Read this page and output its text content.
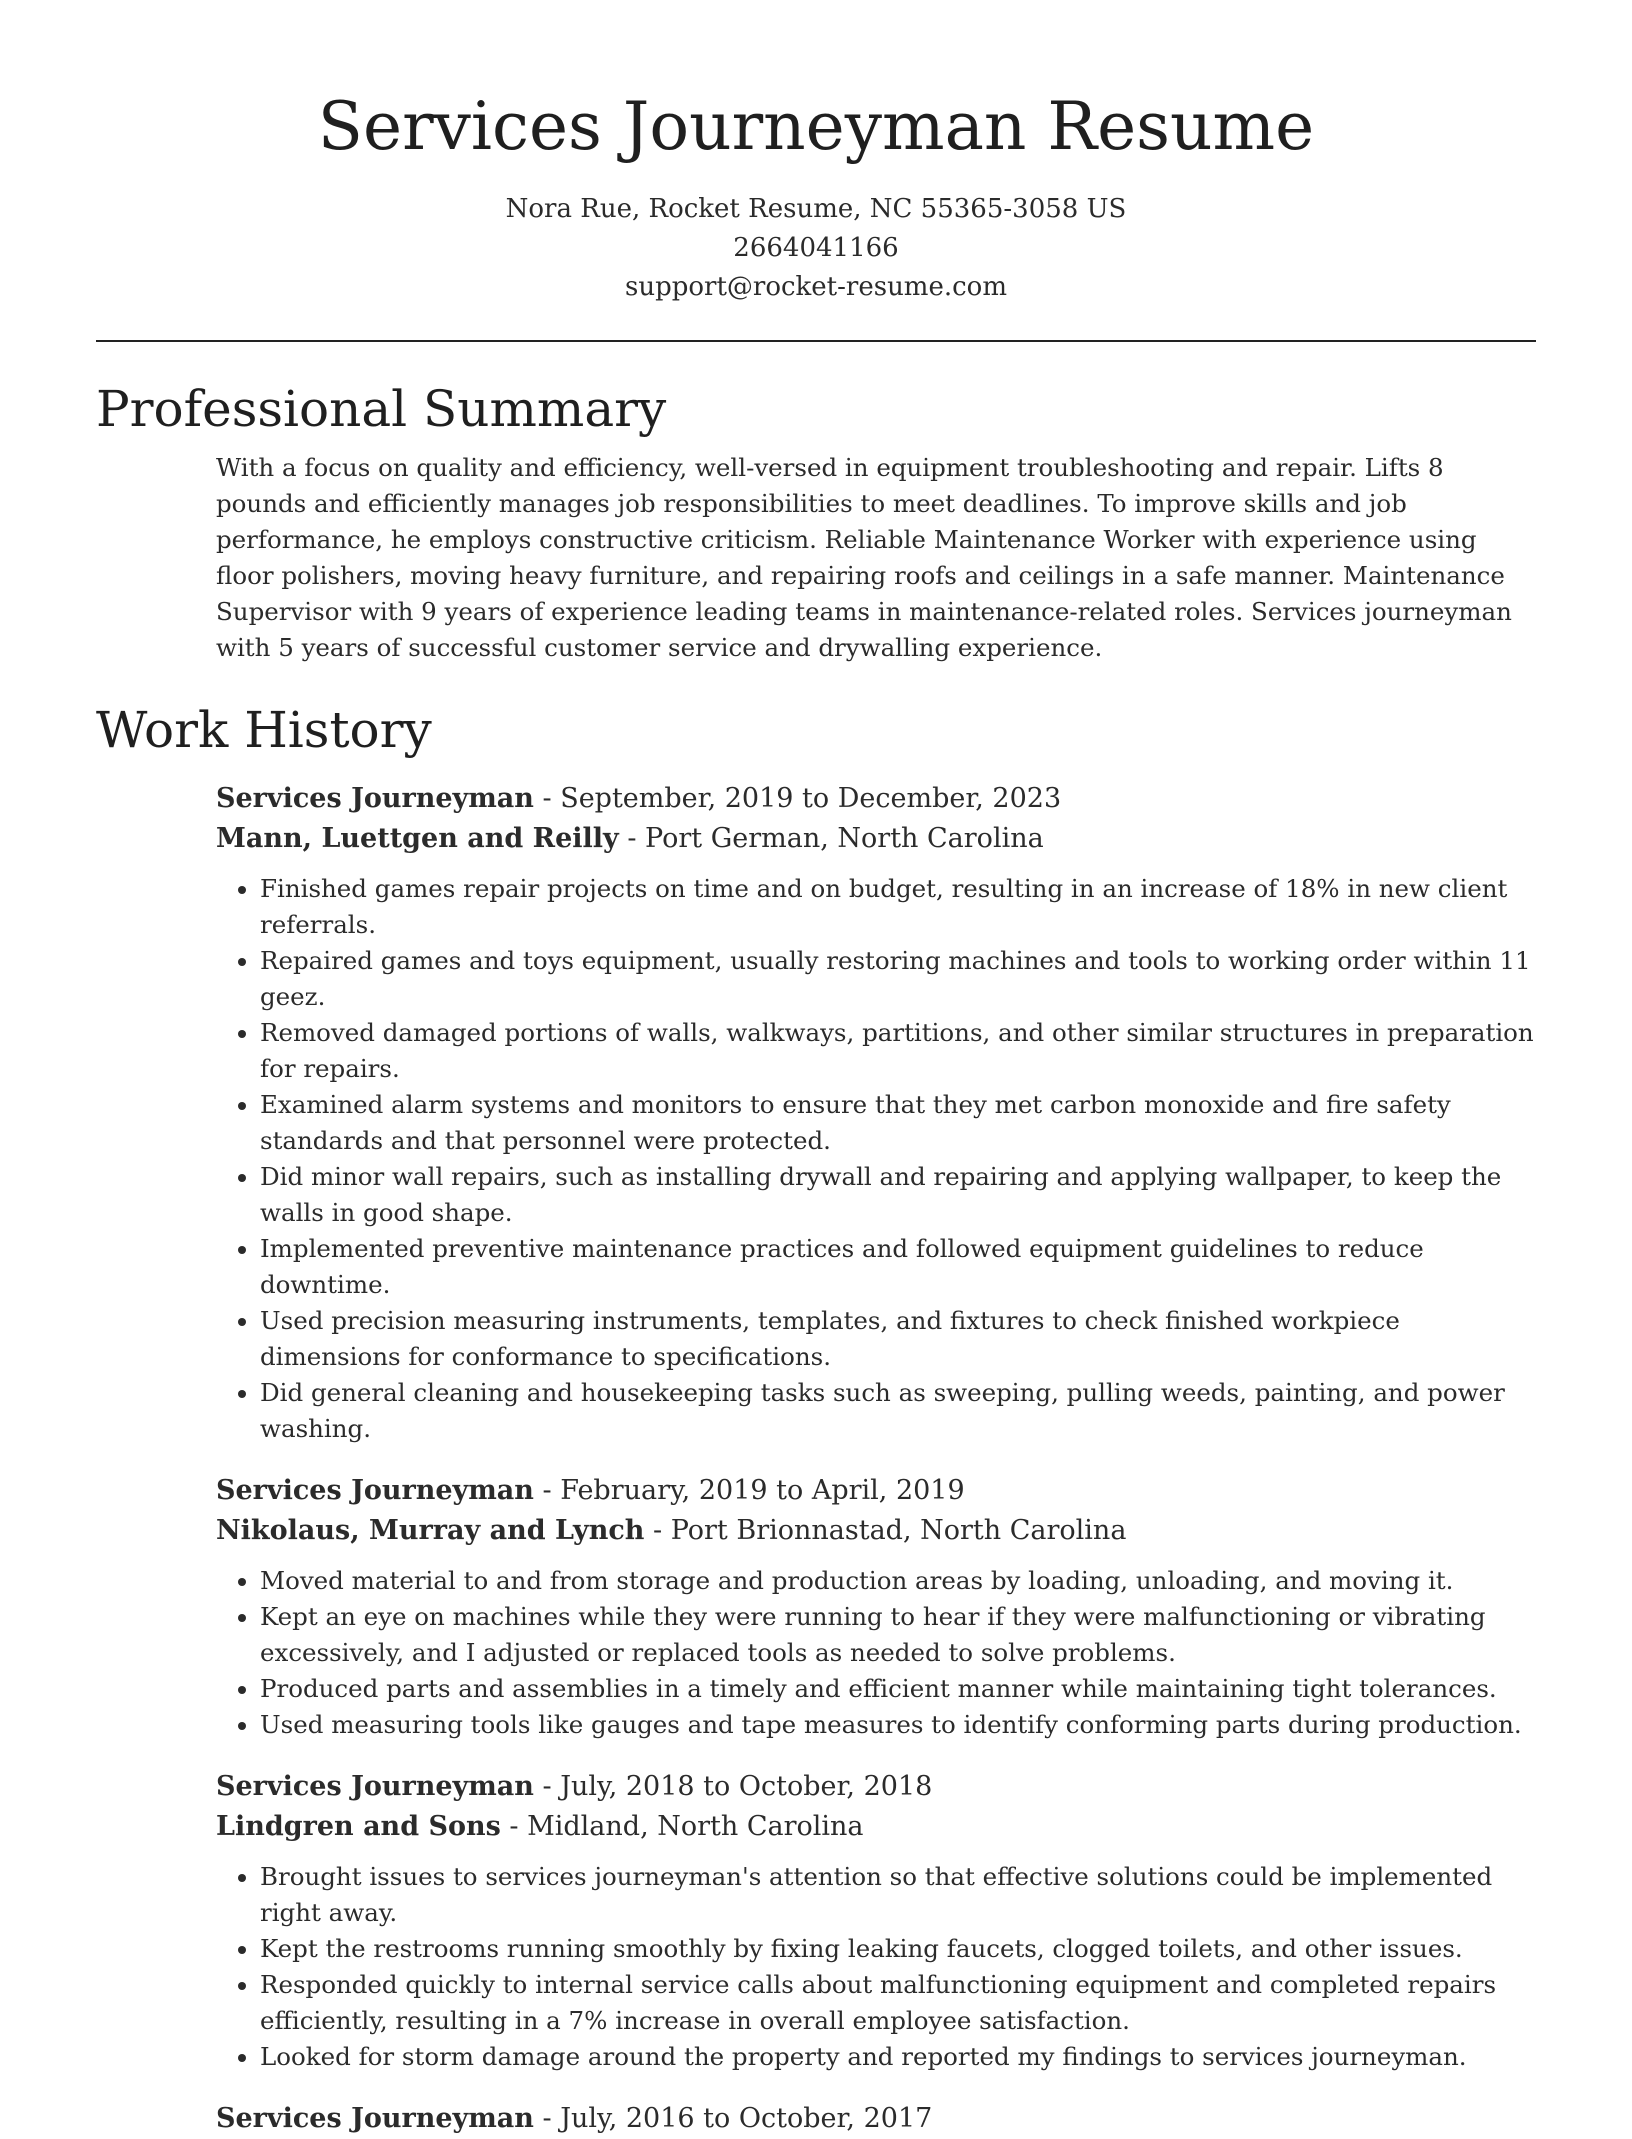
Services Journeyman Resume
Nora Rue, Rocket Resume, NC 55365-3058 US
2664041166
support@rocket-resume.com
Professional Summary

With a focus on quality and efficiency, well-versed in equipment troubleshooting and repair. Lifts 8 pounds and efficiently manages job responsibilities to meet deadlines. To improve skills and job performance, he employs constructive criticism. Reliable Maintenance Worker with experience using floor polishers, moving heavy furniture, and repairing roofs and ceilings in a safe manner. Maintenance Supervisor with 9 years of experience leading teams in maintenance-related roles. Services journeyman with 5 years of successful customer service and drywalling experience.

Work History
Services Journeyman - September, 2019 to December, 2023
Mann, Luettgen and Reilly - Port German, North Carolina
• Finished games repair projects on time and on budget, resulting in an increase of 18% in new client referrals.
• Repaired games and toys equipment, usually restoring machines and tools to working order within 11 geez.
• Removed damaged portions of walls, walkways, partitions, and other similar structures in preparation for repairs.
• Examined alarm systems and monitors to ensure that they met carbon monoxide and fire safety standards and that personnel were protected.
• Did minor wall repairs, such as installing drywall and repairing and applying wallpaper, to keep the walls in good shape.
• Implemented preventive maintenance practices and followed equipment guidelines to reduce downtime.
• Used precision measuring instruments, templates, and fixtures to check finished workpiece dimensions for conformance to specifications.
• Did general cleaning and housekeeping tasks such as sweeping, pulling weeds, painting, and power washing.
Services Journeyman - February, 2019 to April, 2019
Nikolaus, Murray and Lynch - Port Brionnastad, North Carolina
• Moved material to and from storage and production areas by loading, unloading, and moving it.
• Kept an eye on machines while they were running to hear if they were malfunctioning or vibrating excessively, and I adjusted or replaced tools as needed to solve problems.
• Produced parts and assemblies in a timely and efficient manner while maintaining tight tolerances.
• Used measuring tools like gauges and tape measures to identify conforming parts during production.
Services Journeyman - July, 2018 to October, 2018
Lindgren and Sons - Midland, North Carolina
• Brought issues to services journeyman's attention so that effective solutions could be implemented right away.
• Kept the restrooms running smoothly by fixing leaking faucets, clogged toilets, and other issues.
• Responded quickly to internal service calls about malfunctioning equipment and completed repairs efficiently, resulting in a 7% increase in overall employee satisfaction.
• Looked for storm damage around the property and reported my findings to services journeyman.
Services Journeyman - July, 2016 to October, 2017
